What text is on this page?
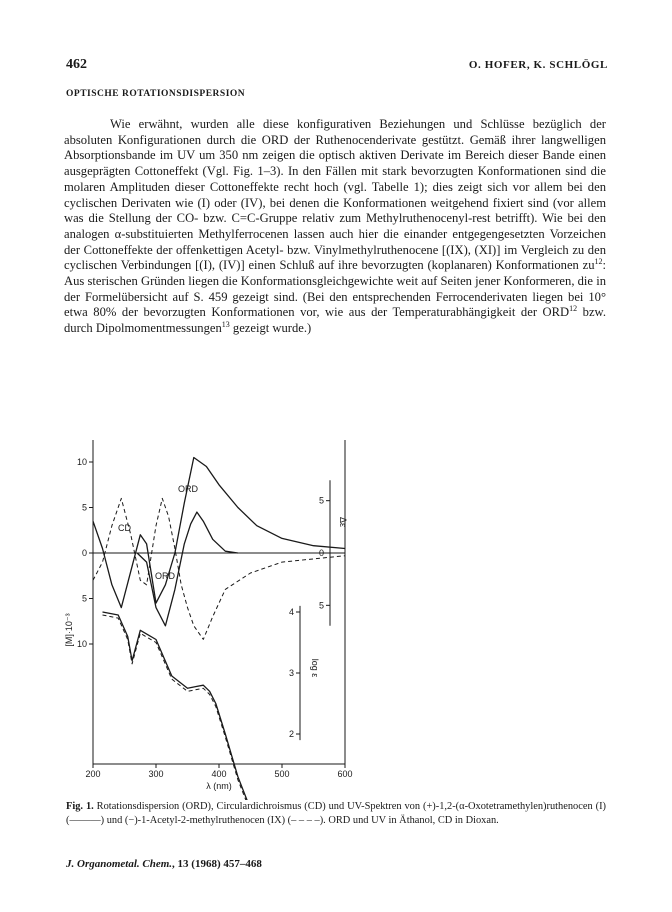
462	O. HOFER, K. SCHLÖGL
OPTISCHE ROTATIONSDISPERSION

Wie erwähnt, wurden alle diese konfigurativen Beziehungen und Schlüsse bezüglich der absoluten Konfigurationen durch die ORD der Ruthenocenderivate gestützt. Gemäß ihrer langwelligen Absorptionsbande im UV um 350 nm zeigen die optisch aktiven Derivate im Bereich dieser Bande einen ausgeprägten Cottoneffekt (Vgl. Fig. 1–3). In den Fällen mit stark bevorzugten Konformationen sind die molaren Amplituden dieser Cottoneffekte recht hoch (vgl. Tabelle 1); dies zeigt sich vor allem bei den cyclischen Derivaten wie (I) oder (IV), bei denen die Konformationen weitgehend fixiert sind (vor allem was die Stellung der CO- bzw. C=C-Gruppe relativ zum Methylruthenocenyl-rest betrifft). Wie bei den analogen α-substituierten Methylferrocenen lassen auch hier die einander entgegengesetzten Vorzeichen der Cottoneffekte der offenkettigen Acetyl- bzw. Vinylmethylruthenocene [(IX), (XI)] im Vergleich zu den cyclischen Verbindungen [(I), (IV)] einen Schluß auf ihre bevorzugten (koplanaren) Konformationen $zu^{12}$: Aus sterischen Gründen liegen die Konformationsgleichgewichte weit auf Seiten jener Konformeren, die in der Formelübersicht auf S. 459 gezeigt sind. (Bei den entsprechenden Ferrocenderivaten liegen bei 10° etwa 80% der bevorzugten Konformationen vor, wie aus der Temperaturabhängigkeit der ORD$^{12}$ bzw. durch Dipolmomentmessungen$^{13}$ gezeigt wurde.)

10
5
0
5
10
5
0
5
4
3
2
200	300	400	500	600
[M]·10⁻³
Δε
log ε
λ (nm)
ORD
CD
ORD
Fig. 1. Rotationsdispersion (ORD), Circulardichroismus (CD) und UV-Spektren von (+)-1,2-(α-Oxotetramethylen)ruthenocen (I) (———) und (−)-1-Acetyl-2-methylruthenocen (IX) (– – – –). ORD und UV in Äthanol, CD in Dioxan.
J. Organometal. Chem., 13 (1968) 457–468
